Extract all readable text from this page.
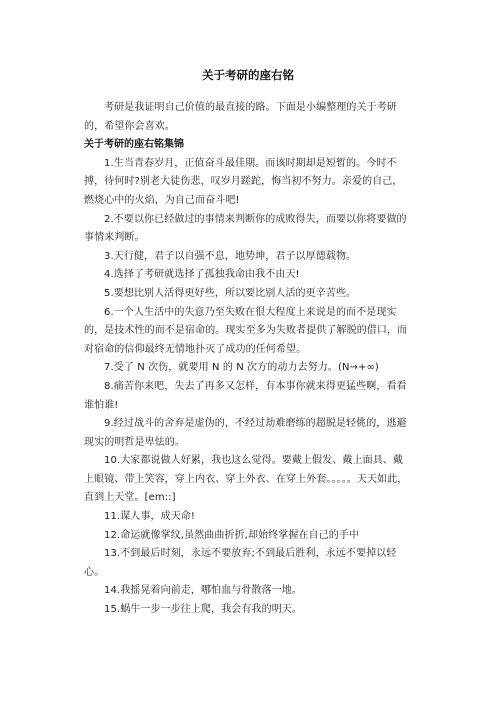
关于考研的座右铭

考研是我证明自己价值的最直接的路。下面是小编整理的关于考研的，希望你会喜欢。

关于考研的座右铭集锦

1.生当青春岁月，正值奋斗最佳期。而该时期却是短暂的。今时不搏，待何时?别老大徒伤悲，叹岁月蹉跎，悔当初不努力。亲爱的自己，燃烧心中的火焰，为自己而奋斗吧!

2.不要以你已经做过的事情来判断你的成败得失，而要以你将要做的事情来判断。

3.天行健，君子以自强不息，地势坤，君子以厚德载物。

4.选择了考研就选择了孤独我命由我不由天!

5.要想比别人活得更好些，所以要比别人活的更辛苦些。

6.一个人生活中的失意乃至失败在很大程度上来说是的而不是现实的，是技术性的而不是宿命的。现实至多为失败者提供了解脱的借口，而对宿命的信仰最终无情地扑灭了成功的任何希望。

7.受了 N 次伤，就要用 N 的 N 次方的动力去努力。(N→+∞)

8.痛苦你来吧，失去了再多又怎样，有本事你就来得更猛些啊，看看谁怕谁!

9.经过战斗的舍弃是虚伪的，不经过劫难磨练的超脱是轻佻的，逃避现实的明哲是卑怯的。

10.大家都说做人好累，我也这么觉得。要戴上假发、戴上面具、戴上眼镜、带上笑容，穿上内衣、穿上外衣、在穿上外套。。。。。天天如此，直到上天堂。[em::]

11.谋人事，成天命!

12.命运就像掌纹,虽然曲曲折折,却始终掌握在自己的手中

13.不到最后时刻，永远不要放弃;不到最后胜利，永远不要掉以轻心。

14.我摇晃着向前走，哪怕血与骨散落一地。

15.蜗牛一步一步往上爬，我会有我的明天。
